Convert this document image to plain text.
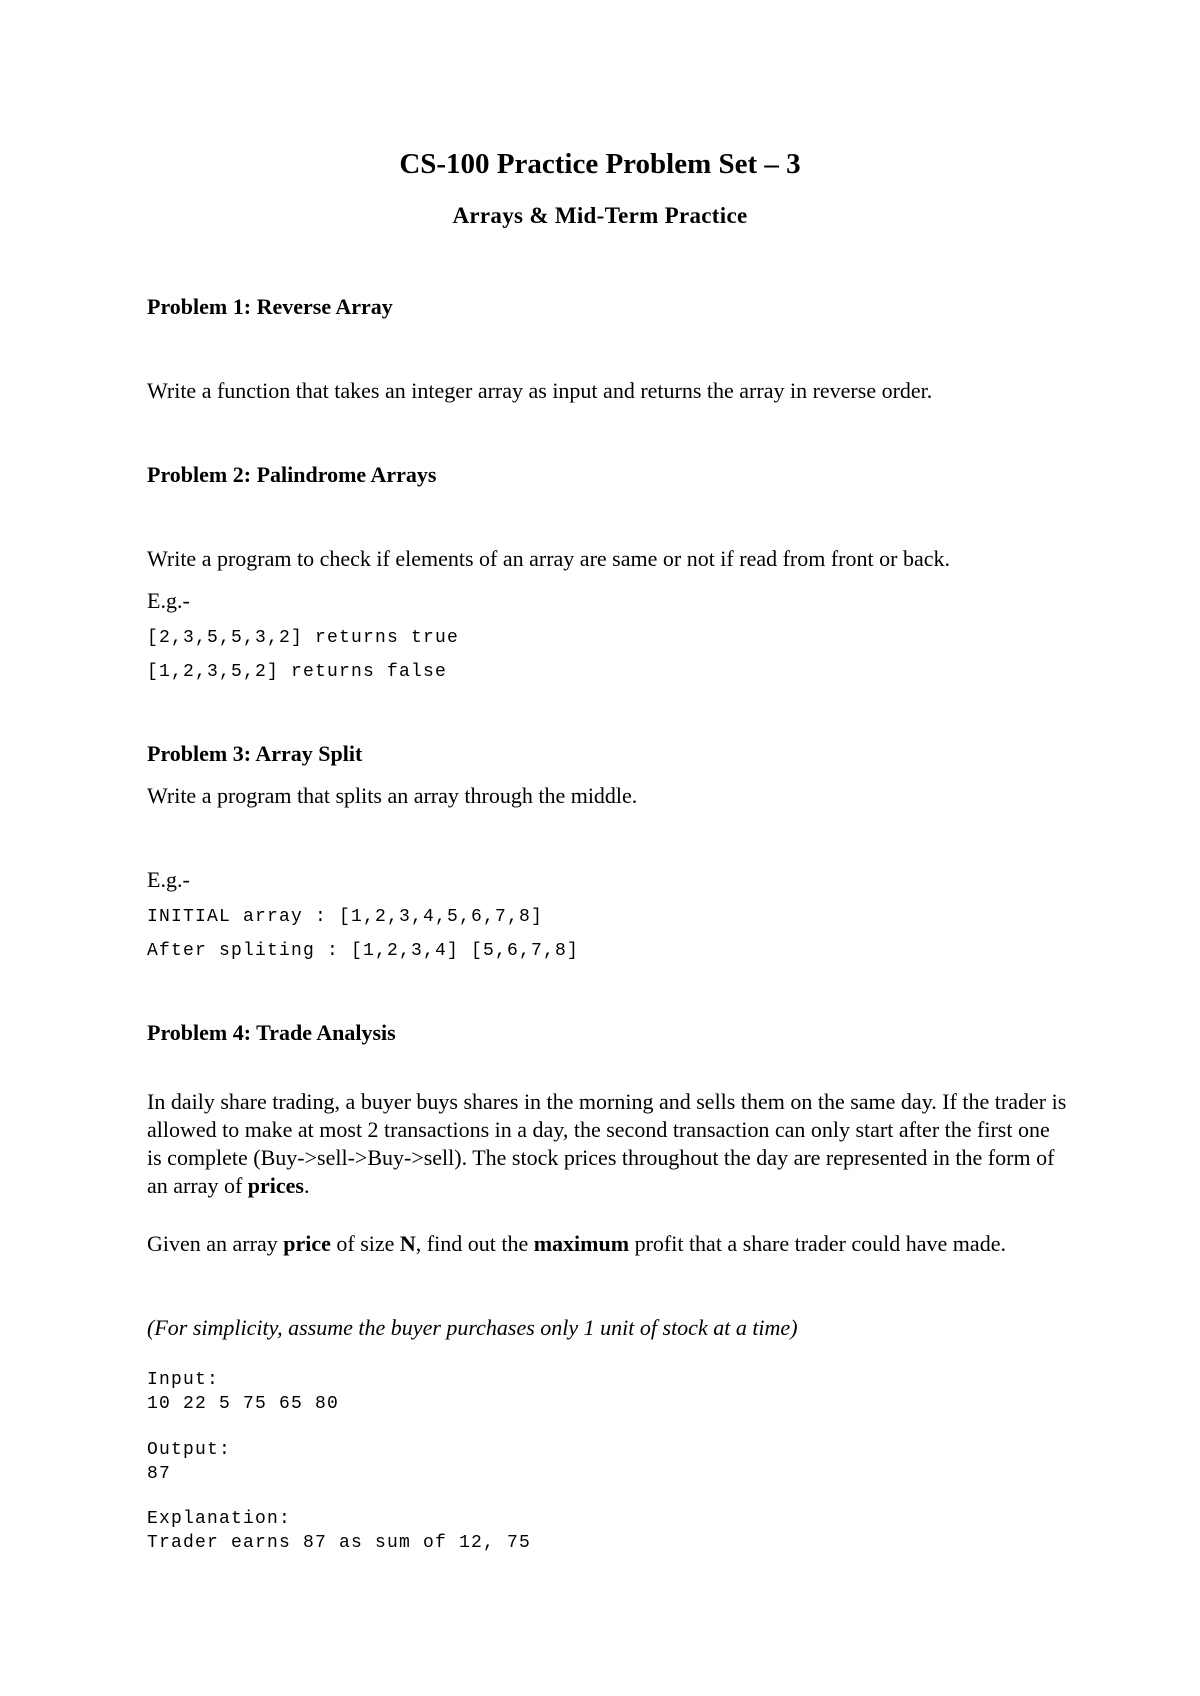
CS-100 Practice Problem Set – 3
Arrays & Mid-Term Practice
Problem 1: Reverse Array
Write a function that takes an integer array as input and returns the array in reverse order.
Problem 2: Palindrome Arrays
Write a program to check if elements of an array are same or not if read from front or back.
E.g.-
[2,3,5,5,3,2] returns true
[1,2,3,5,2] returns false
Problem 3: Array Split
Write a program that splits an array through the middle.
E.g.-
INITIAL array : [1,2,3,4,5,6,7,8]
After spliting : [1,2,3,4] [5,6,7,8]
Problem 4: Trade Analysis
In daily share trading, a buyer buys shares in the morning and sells them on the same day. If the trader is allowed to make at most 2 transactions in a day, the second transaction can only start after the first one is complete (Buy->sell->Buy->sell). The stock prices throughout the day are represented in the form of an array of prices.
Given an array price of size N, find out the maximum profit that a share trader could have made.
(For simplicity, assume the buyer purchases only 1 unit of stock at a time)
Input:
10 22 5 75 65 80
Output:
87
Explanation:
Trader earns 87 as sum of 12, 75
